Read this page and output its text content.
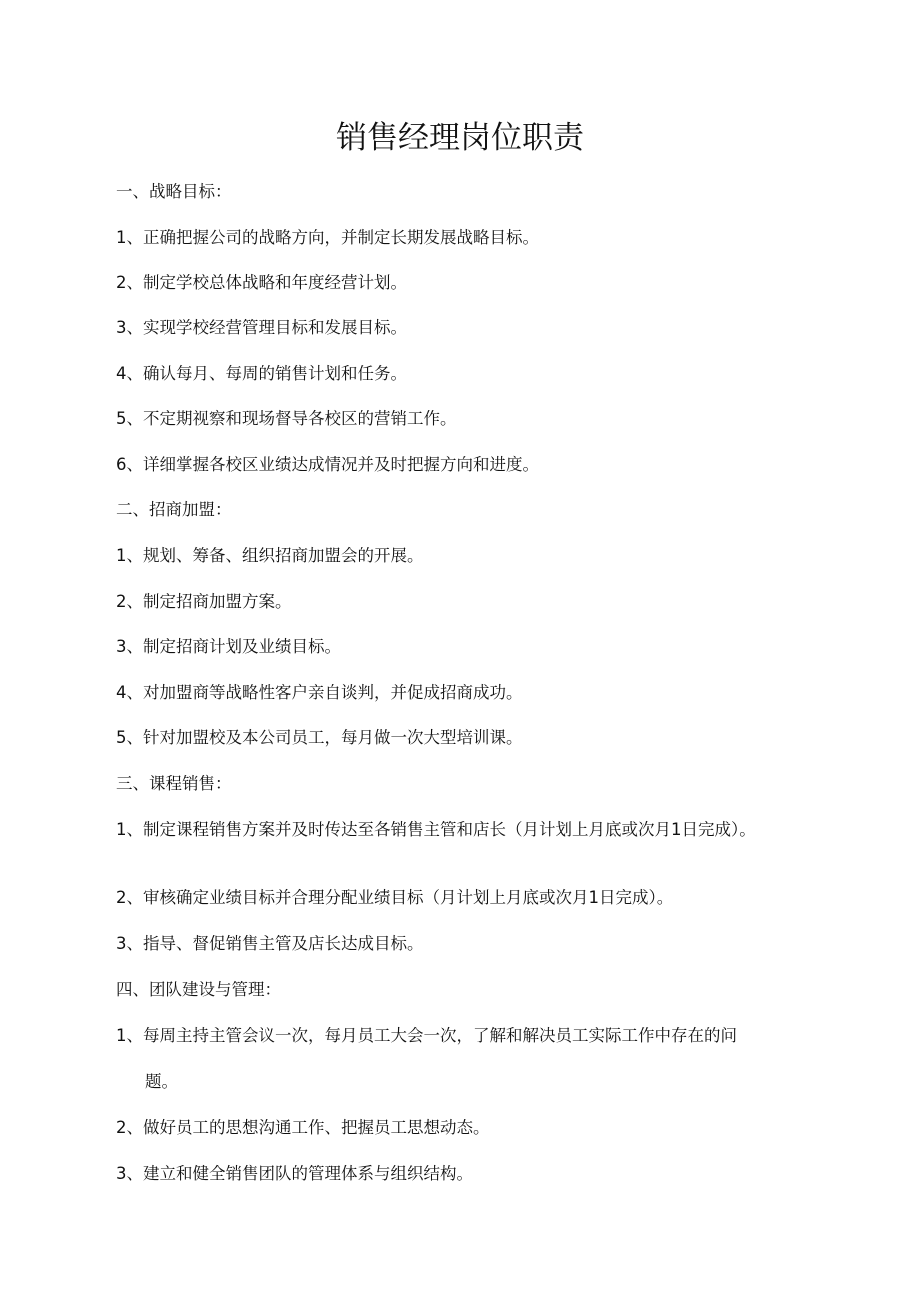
销售经理岗位职责
一、战略目标：
1、正确把握公司的战略方向，并制定长期发展战略目标。
2、制定学校总体战略和年度经营计划。
3、实现学校经营管理目标和发展目标。
4、确认每月、每周的销售计划和任务。
5、不定期视察和现场督导各校区的营销工作。
6、详细掌握各校区业绩达成情况并及时把握方向和进度。
二、招商加盟：
1、规划、筹备、组织招商加盟会的开展。
2、制定招商加盟方案。
3、制定招商计划及业绩目标。
4、对加盟商等战略性客户亲自谈判，并促成招商成功。
5、针对加盟校及本公司员工，每月做一次大型培训课。
三、课程销售：
1、制定课程销售方案并及时传达至各销售主管和店长（月计划上月底或次月1日完成）。
2、审核确定业绩目标并合理分配业绩目标（月计划上月底或次月1日完成）。
3、指导、督促销售主管及店长达成目标。
四、团队建设与管理：
1、每周主持主管会议一次，每月员工大会一次，了解和解决员工实际工作中存在的问
题。
2、做好员工的思想沟通工作、把握员工思想动态。
3、建立和健全销售团队的管理体系与组织结构。
